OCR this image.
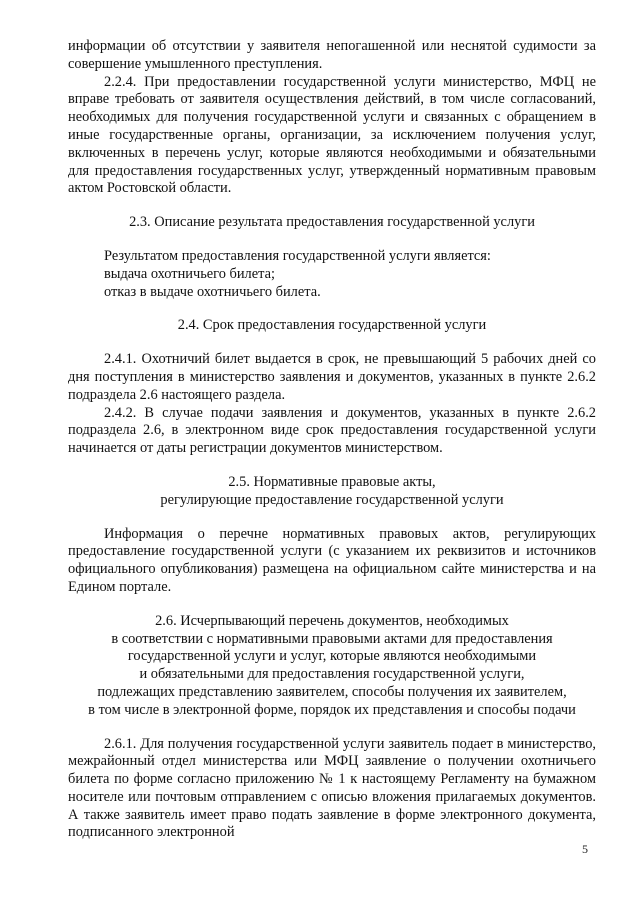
информации об отсутствии у заявителя непогашенной или неснятой судимости за совершение умышленного преступления.

2.2.4. При предоставлении государственной услуги министерство, МФЦ не вправе требовать от заявителя осуществления действий, в том числе согласований, необходимых для получения государственной услуги и связанных с обращением в иные государственные органы, организации, за исключением получения услуг, включенных в перечень услуг, которые являются необходимыми и обязательными для предоставления государственных услуг, утвержденный нормативным правовым актом Ростовской области.

2.3. Описание результата предоставления государственной услуги

Результатом предоставления государственной услуги является:

выдача охотничьего билета;

отказ в выдаче охотничьего билета.

2.4. Срок предоставления государственной услуги

2.4.1. Охотничий билет выдается в срок, не превышающий 5 рабочих дней со дня поступления в министерство заявления и документов, указанных в пункте 2.6.2 подраздела 2.6 настоящего раздела.

2.4.2. В случае подачи заявления и документов, указанных в пункте 2.6.2 подраздела 2.6, в электронном виде срок предоставления государственной услуги начинается от даты регистрации документов министерством.

2.5. Нормативные правовые акты,

регулирующие предоставление государственной услуги

Информация о перечне нормативных правовых актов, регулирующих предоставление государственной услуги (с указанием их реквизитов и источников официального опубликования) размещена на официальном сайте министерства и на Едином портале.

2.6. Исчерпывающий перечень документов, необходимых

в соответствии с нормативными правовыми актами для предоставления

государственной услуги и услуг, которые являются необходимыми

и обязательными для предоставления государственной услуги,

подлежащих представлению заявителем, способы получения их заявителем,

в том числе в электронной форме, порядок их представления и способы подачи

2.6.1. Для получения государственной услуги заявитель подает в министерство, межрайонный отдел министерства или МФЦ заявление о получении охотничьего билета по форме согласно приложению № 1 к настоящему Регламенту на бумажном носителе или почтовым отправлением с описью вложения прилагаемых документов. А также заявитель имеет право подать заявление в форме электронного документа, подписанного электронной

5
